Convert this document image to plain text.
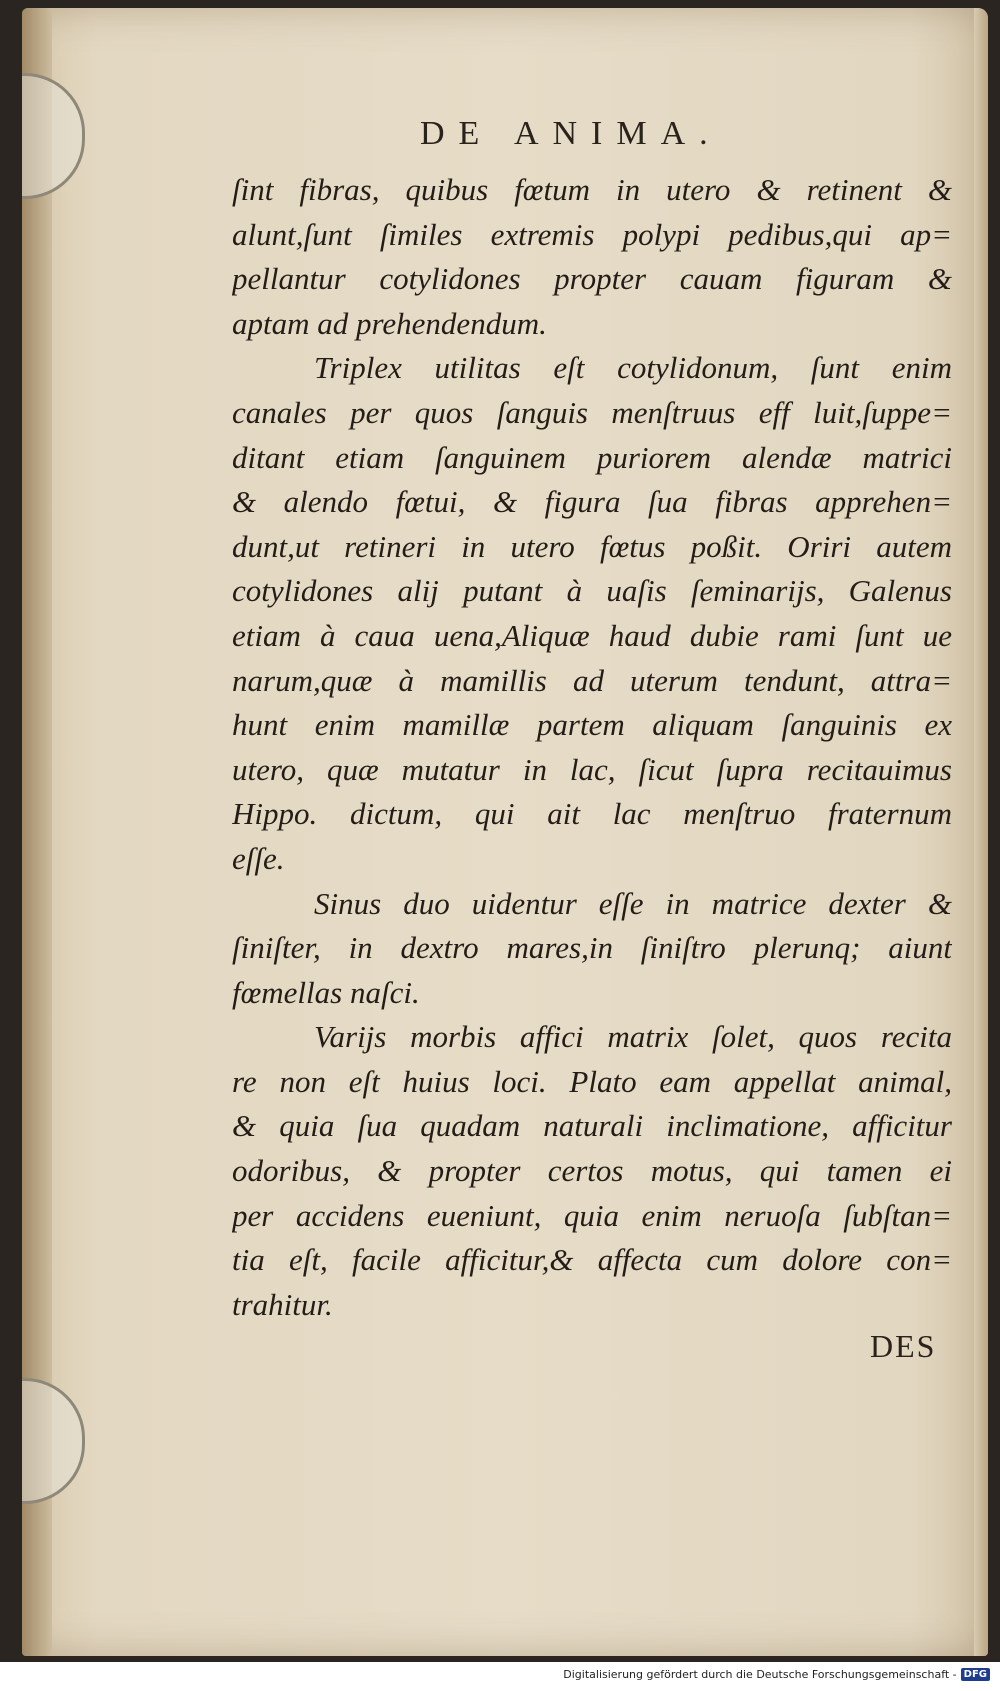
DE ANIMA.
ſint fibras, quibus fœtum in utero & retinent &
alunt,ſunt ſimiles extremis polypi pedibus,qui ap=
pellantur cotylidones propter cauam figuram &
aptam ad prehendendum.
Triplex utilitas eſt cotylidonum, ſunt enim
canales per quos ſanguis menſtruus eff luit,ſuppe=
ditant etiam ſanguinem puriorem alendæ matrici
& alendo fœtui, & figura ſua fibras apprehen=
dunt,ut retineri in utero fœtus poßit. Oriri autem
cotylidones alij putant à uaſis ſeminarijs, Galenus
etiam à caua uena,Aliquæ haud dubie rami ſunt ue
narum,quæ à mamillis ad uterum tendunt, attra=
hunt enim mamillæ partem aliquam ſanguinis ex
utero, quæ mutatur in lac, ſicut ſupra recitauimus
Hippo. dictum, qui ait lac menſtruo fraternum
eſſe.
Sinus duo uidentur eſſe in matrice dexter &
ſiniſter, in dextro mares,in ſiniſtro plerunq; aiunt
fœmellas naſci.
Varijs morbis affici matrix ſolet, quos recita
re non eſt huius loci. Plato eam appellat animal,
& quia ſua quadam naturali inclimatione, afficitur
odoribus, & propter certos motus, qui tamen ei
per accidens eueniunt, quia enim neruoſa ſubſtan=
tia eſt, facile afficitur,& affecta cum dolore con=
trahitur.
DES
Digitalisierung gefördert durch die Deutsche Forschungsgemeinschaft - DFG
